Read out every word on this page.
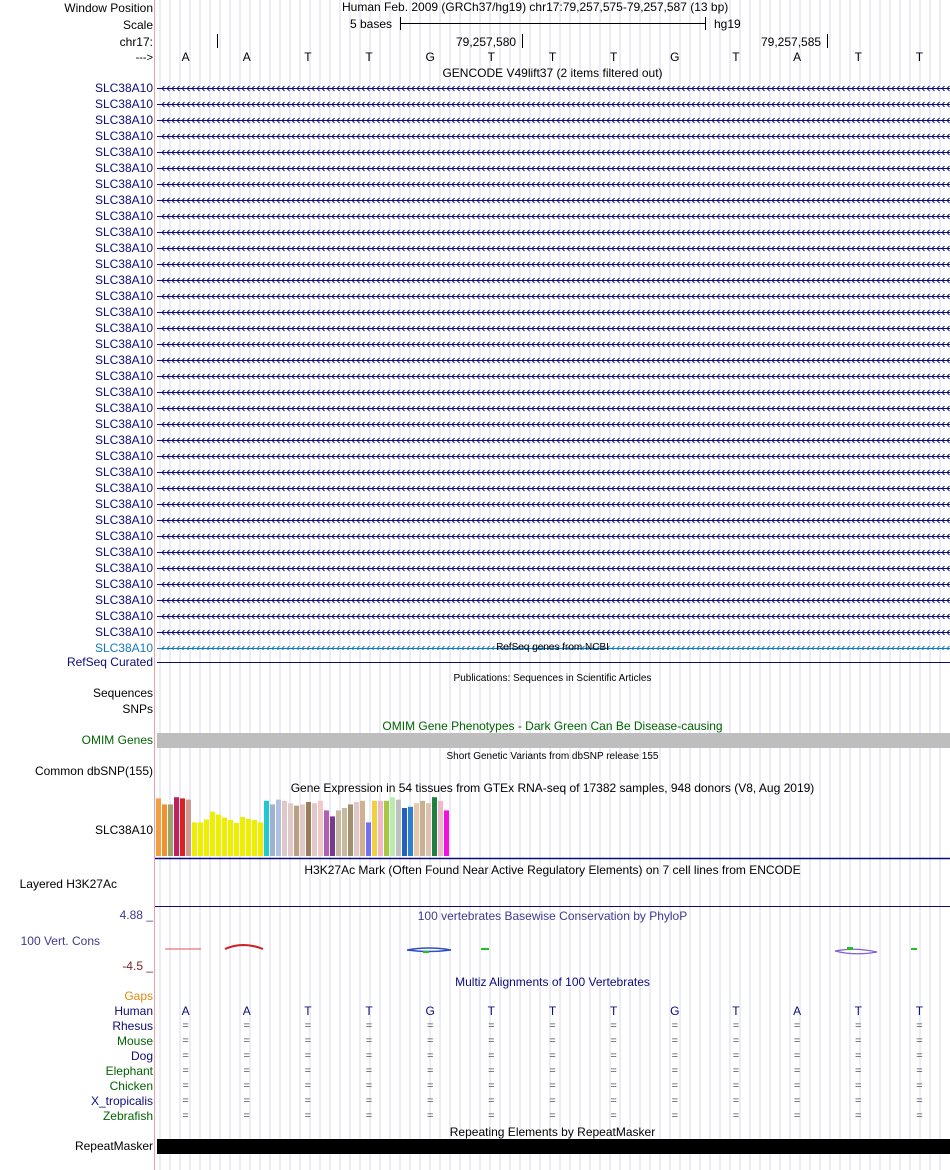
Window Position
Scale
chr17:
--->
Human Feb. 2009 (GRCh37/hg19) chr17:79,257,575-79,257,587 (13 bp)
5 bases	hg19
79,257,580	79,257,585
A	A	T	T	G	T	T	T	G	T	A	T	T
GENCODE V49lift37 (2 items filtered out)
SLC38A10
SLC38A10
SLC38A10
SLC38A10
SLC38A10
SLC38A10
SLC38A10
SLC38A10
SLC38A10
SLC38A10
SLC38A10
SLC38A10
SLC38A10
SLC38A10
SLC38A10
SLC38A10
SLC38A10
SLC38A10
SLC38A10
SLC38A10
SLC38A10
SLC38A10
SLC38A10
SLC38A10
SLC38A10
SLC38A10
SLC38A10
SLC38A10
SLC38A10
SLC38A10
SLC38A10
SLC38A10
SLC38A10
SLC38A10
SLC38A10
SLC38A10	RefSeq genes from NCBI
RefSeq Curated
Publications: Sequences in Scientific Articles
Sequences
SNPs
OMIM Gene Phenotypes - Dark Green Can Be Disease-causing
OMIM Genes
Short Genetic Variants from dbSNP release 155
Common dbSNP(155)
Gene Expression in 54 tissues from GTEx RNA-seq of 17382 samples, 948 donors (V8, Aug 2019)
SLC38A10
H3K27Ac Mark (Often Found Near Active Regulatory Elements) on 7 cell lines from ENCODE
Layered H3K27Ac
100 vertebrates Basewise Conservation by PhyloP
4.88 _
100 Vert. Cons
-4.5 _
Multiz Alignments of 100 Vertebrates
Gaps
Human	A	A	T	T	G	T	T	T	G	T	A	T	T
Rhesus	=	=	=	=	=	=	=	=	=	=	=	=	=
Mouse	=	=	=	=	=	=	=	=	=	=	=	=	=
Dog	=	=	=	=	=	=	=	=	=	=	=	=	=
Elephant	=	=	=	=	=	=	=	=	=	=	=	=	=
Chicken	=	=	=	=	=	=	=	=	=	=	=	=	=
X_tropicalis	=	=	=	=	=	=	=	=	=	=	=	=	=
Zebrafish	=	=	=	=	=	=	=	=	=	=	=	=	=
Repeating Elements by RepeatMasker
RepeatMasker
